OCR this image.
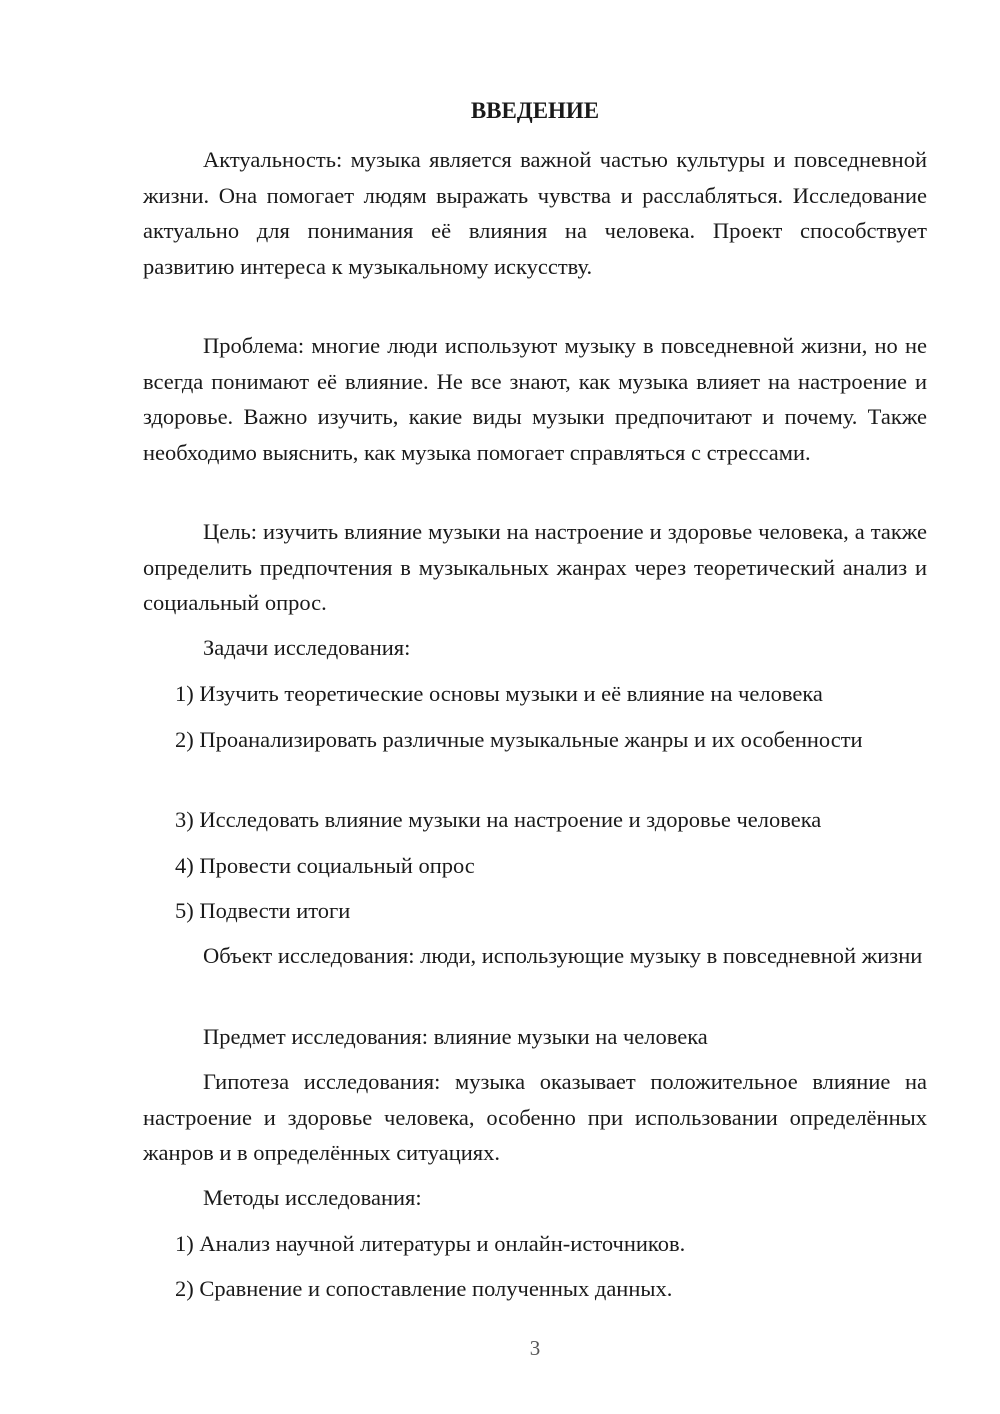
ВВЕДЕНИЕ

Актуальность: музыка является важной частью культуры и повседневной жизни. Она помогает людям выражать чувства и расслабляться. Исследование актуально для понимания её влияния на человека. Проект способствует развитию интереса к музыкальному искусству.

Проблема: многие люди используют музыку в повседневной жизни, но не всегда понимают её влияние. Не все знают, как музыка влияет на настроение и здоровье. Важно изучить, какие виды музыки предпочитают и почему. Также необходимо выяснить, как музыка помогает справляться с стрессами.

Цель: изучить влияние музыки на настроение и здоровье человека, а также определить предпочтения в музыкальных жанрах через теоретический анализ и социальный опрос.

Задачи исследования:

1) Изучить теоретические основы музыки и её влияние на человека

2) Проанализировать различные музыкальные жанры и их особенности

3) Исследовать влияние музыки на настроение и здоровье человека

4) Провести социальный опрос

5) Подвести итоги

Объект исследования: люди, использующие музыку в повседневной жизни

Предмет исследования: влияние музыки на человека

Гипотеза исследования: музыка оказывает положительное влияние на настроение и здоровье человека, особенно при использовании определённых жанров и в определённых ситуациях.

Методы исследования:

1) Анализ научной литературы и онлайн-источников.

2) Сравнение и сопоставление полученных данных.

3
